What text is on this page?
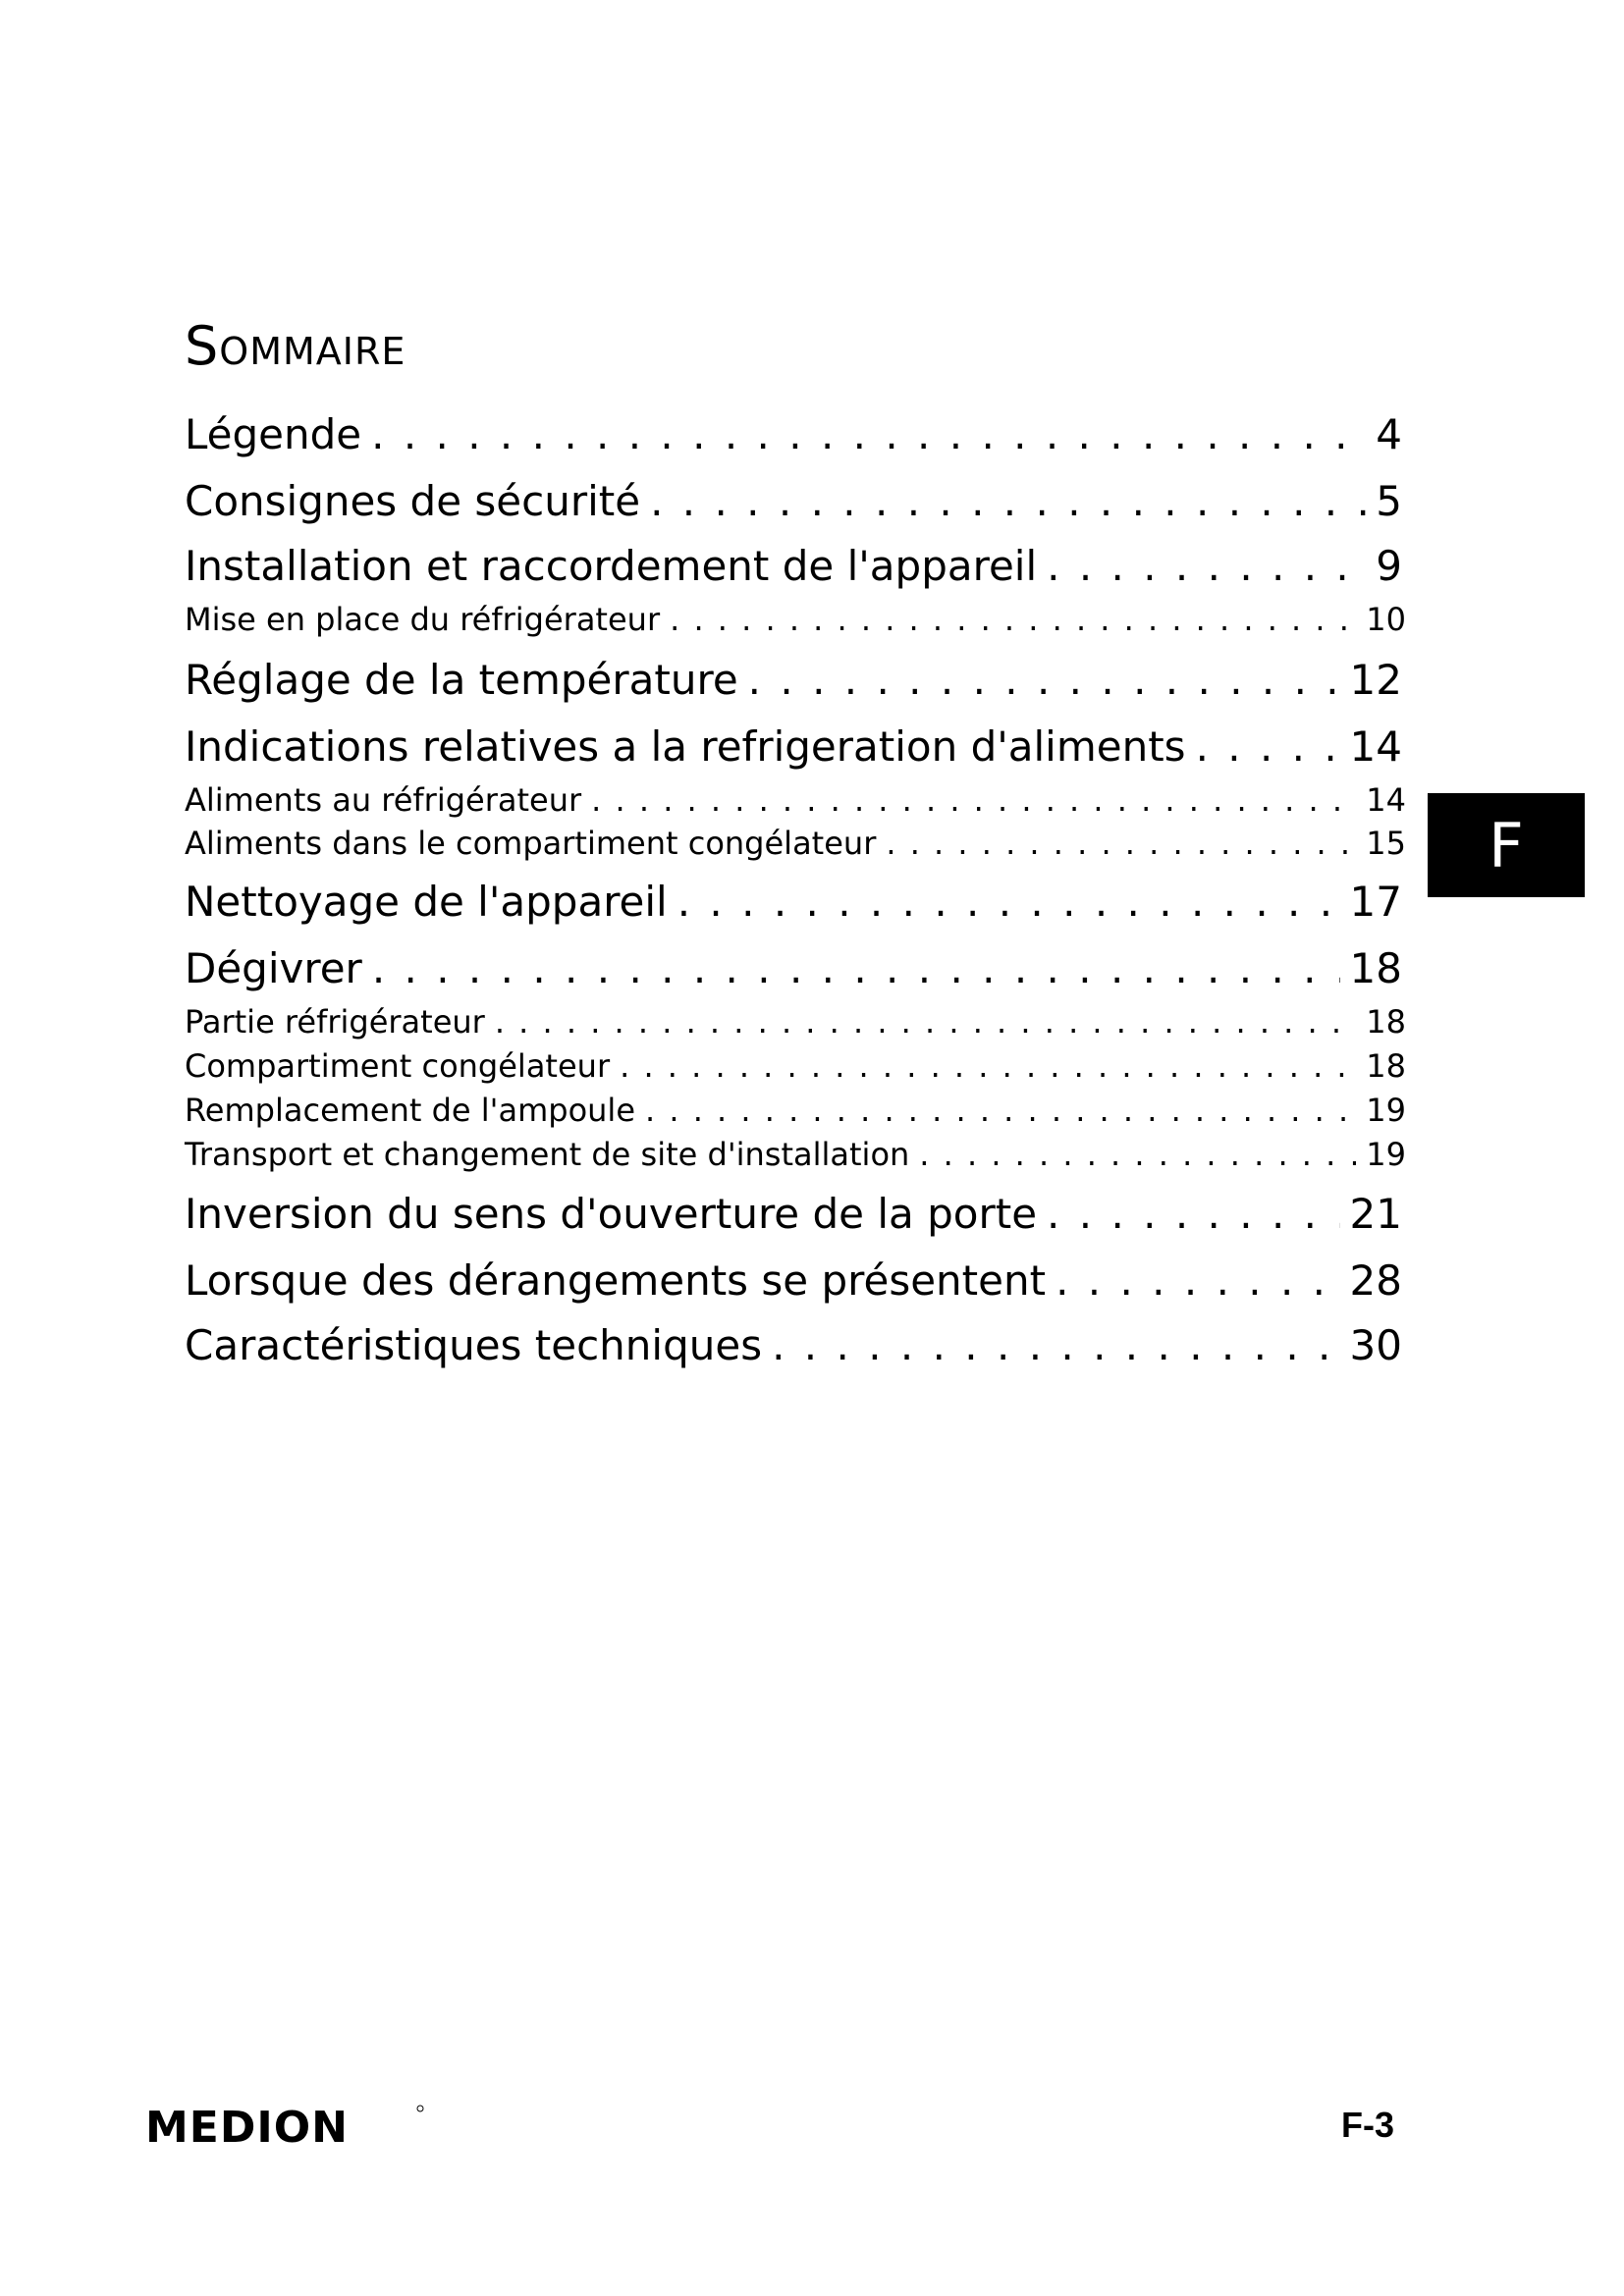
Sommaire
Légende . . .	4
Consignes de sécurité . . .	5
Installation et raccordement de l'appareil . . .	9
Mise en place du réfrigérateur . . .	10
Réglage de la température . . .	12
Indications relatives a la refrigeration d'aliments . . .	14
Aliments au réfrigérateur . . .	14
Aliments dans le compartiment congélateur . . .	15
Nettoyage de l'appareil . . .	17
Dégivrer . . .	18
Partie réfrigérateur . . .	18
Compartiment congélateur . . .	18
Remplacement de l'ampoule . . .	19
Transport et changement de site d'installation . . .	19
Inversion du sens d'ouverture de la porte . . .	21
Lorsque des dérangements se présentent . . .	28
Caractéristiques techniques . . .	30
F
MEDION	F-3
